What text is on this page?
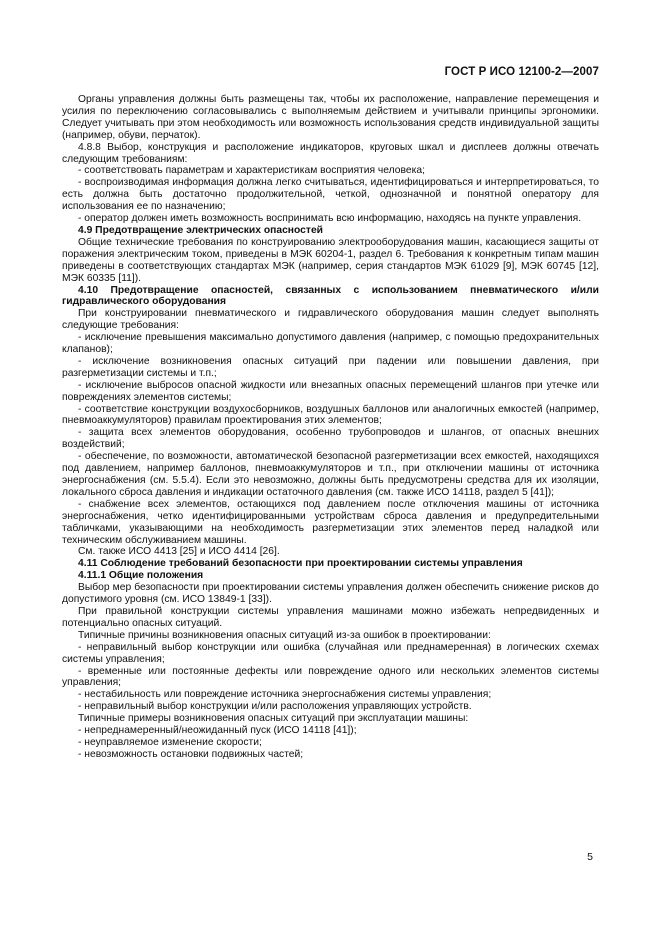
ГОСТ Р ИСО 12100-2—2007

Органы управления должны быть размещены так, чтобы их расположение, направление перемещения и усилия по переключению согласовывались с выполняемым действием и учитывали принципы эргономики. Следует учитывать при этом необходимость или возможность использования средств индивидуальной защиты (например, обуви, перчаток).

4.8.8 Выбор, конструкция и расположение индикаторов, круговых шкал и дисплеев должны отвечать следующим требованиям:

- соответствовать параметрам и характеристикам восприятия человека;

- воспроизводимая информация должна легко считываться, идентифицироваться и интерпретироваться, то есть должна быть достаточно продолжительной, четкой, однозначной и понятной оператору для использования ее по назначению;

- оператор должен иметь возможность воспринимать всю информацию, находясь на пункте управления.

4.9 Предотвращение электрических опасностей

Общие технические требования по конструированию электрооборудования машин, касающиеся защиты от поражения электрическим током, приведены в МЭК 60204-1, раздел 6. Требования к конкретным типам машин приведены в соответствующих стандартах МЭК (например, серия стандартов МЭК 61029 [9], МЭК 60745 [12], МЭК 60335 [11]).

4.10 Предотвращение опасностей, связанных с использованием пневматического и/или гидравлического оборудования

При конструировании пневматического и гидравлического оборудования машин следует выполнять следующие требования:

- исключение превышения максимально допустимого давления (например, с помощью предохранительных клапанов);

- исключение возникновения опасных ситуаций при падении или повышении давления, при разгерметизации системы и т.п.;

- исключение выбросов опасной жидкости или внезапных опасных перемещений шлангов при утечке или повреждениях элементов системы;

- соответствие конструкции воздухосборников, воздушных баллонов или аналогичных емкостей (например, пневмоаккумуляторов) правилам проектирования этих элементов;

- защита всех элементов оборудования, особенно трубопроводов и шлангов, от опасных внешних воздействий;

- обеспечение, по возможности, автоматической безопасной разгерметизации всех емкостей, находящихся под давлением, например баллонов, пневмоаккумуляторов и т.п., при отключении машины от источника энергоснабжения (см. 5.5.4). Если это невозможно, должны быть предусмотрены средства для их изоляции, локального сброса давления и индикации остаточного давления (см. также ИСО 14118, раздел 5 [41]);

- снабжение всех элементов, остающихся под давлением после отключения машины от источника энергоснабжения, четко идентифицированными устройствам сброса давления и предупредительными табличками, указывающими на необходимость разгерметизации этих элементов перед наладкой или техническим обслуживанием машины.

См. также ИСО 4413 [25] и ИСО 4414 [26].

4.11 Соблюдение требований безопасности при проектировании системы управления

4.11.1 Общие положения

Выбор мер безопасности при проектировании системы управления должен обеспечить снижение рисков до допустимого уровня (см. ИСО 13849-1 [33]).

При правильной конструкции системы управления машинами можно избежать непредвиденных и потенциально опасных ситуаций.

Типичные причины возникновения опасных ситуаций из-за ошибок в проектировании:

- неправильный выбор конструкции или ошибка (случайная или преднамеренная) в логических схемах системы управления;

- временные или постоянные дефекты или повреждение одного или нескольких элементов системы управления;

- нестабильность или повреждение источника энергоснабжения системы управления;

- неправильный выбор конструкции и/или расположения управляющих устройств.

Типичные примеры возникновения опасных ситуаций при эксплуатации машины:

- непреднамеренный/неожиданный пуск (ИСО 14118 [41]);

- неуправляемое изменение скорости;

- невозможность остановки подвижных частей;

5
